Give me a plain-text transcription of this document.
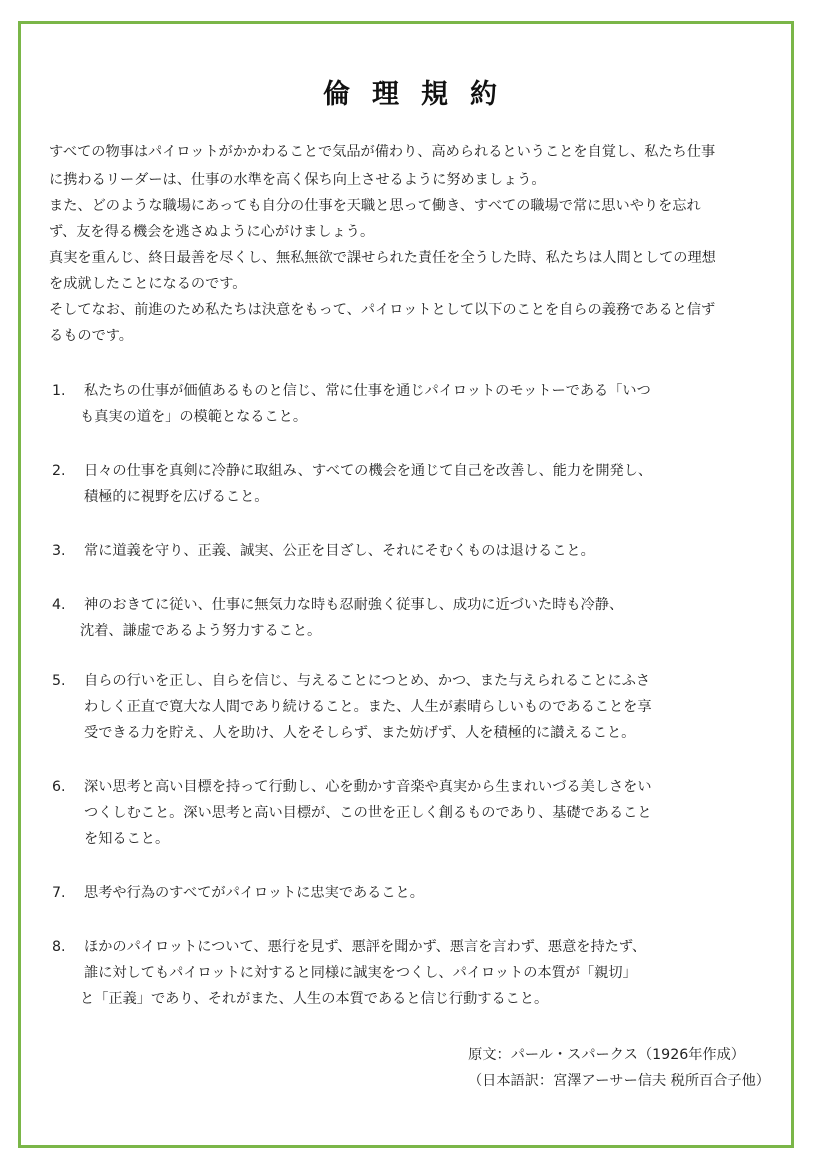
倫理規約
すべての物事はパイロットがかかわることで気品が備わり、高められるということを自覚し、私たち仕事
に携わるリーダーは、仕事の水準を高く保ち向上させるように努めましょう。
また、どのような職場にあっても自分の仕事を天職と思って働き、すべての職場で常に思いやりを忘れ
ず、友を得る機会を逃さぬように心がけましょう。
真実を重んじ、終日最善を尽くし、無私無欲で課せられた責任を全うした時、私たちは人間としての理想
を成就したことになるのです。
そしてなお、前進のため私たちは決意をもって、パイロットとして以下のことを自らの義務であると信ず
るものです。
1. 私たちの仕事が価値あるものと信じ、常に仕事を通じパイロットのモットーである「いつ
も真実の道を」の模範となること。
2. 日々の仕事を真剣に冷静に取組み、すべての機会を通じて自己を改善し、能力を開発し、
積極的に視野を広げること。
3. 常に道義を守り、正義、誠実、公正を目ざし、それにそむくものは退けること。
4. 神のおきてに従い、仕事に無気力な時も忍耐強く従事し、成功に近づいた時も冷静、
沈着、謙虚であるよう努力すること。
5. 自らの行いを正し、自らを信じ、与えることにつとめ、かつ、また与えられることにふさ
わしく正直で寛大な人間であり続けること。また、人生が素晴らしいものであることを享
受できる力を貯え、人を助け、人をそしらず、また妨げず、人を積極的に讃えること。
6. 深い思考と高い目標を持って行動し、心を動かす音楽や真実から生まれいづる美しさをい
つくしむこと。深い思考と高い目標が、この世を正しく創るものであり、基礎であること
を知ること。
7. 思考や行為のすべてがパイロットに忠実であること。
8. ほかのパイロットについて、悪行を見ず、悪評を聞かず、悪言を言わず、悪意を持たず、
誰に対してもパイロットに対すると同様に誠実をつくし、パイロットの本質が「親切」
と「正義」であり、それがまた、人生の本質であると信じ行動すること。
原文：パール・スパークス（1926年作成）
（日本語訳：宮澤アーサー信夫 税所百合子他）
